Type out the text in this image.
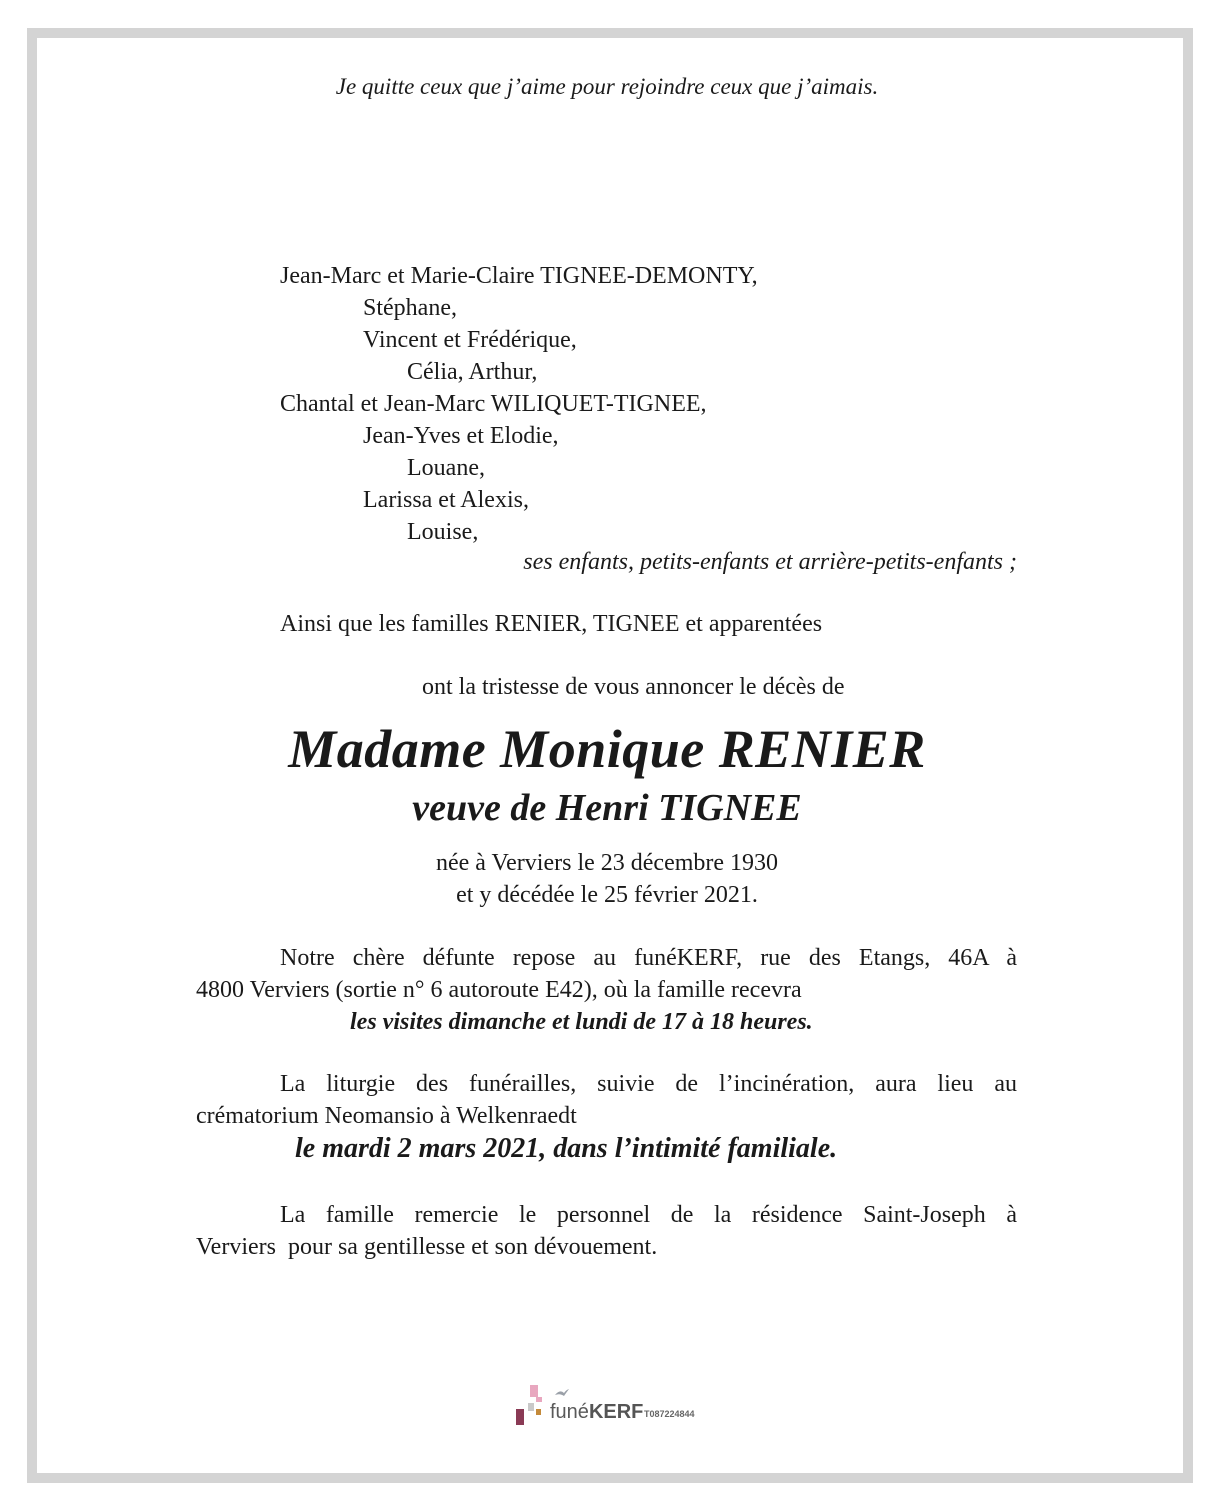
Je quitte ceux que j’aime pour rejoindre ceux que j’aimais.
Jean-Marc et Marie-Claire TIGNEE-DEMONTY,
Stéphane,
Vincent et Frédérique,
Célia, Arthur,
Chantal et Jean-Marc WILIQUET-TIGNEE,
Jean-Yves et Elodie,
Louane,
Larissa et Alexis,
Louise,
ses enfants, petits-enfants et arrière-petits-enfants ;
Ainsi que les familles RENIER, TIGNEE et apparentées
ont la tristesse de vous annoncer le décès de
Madame Monique RENIER
veuve de Henri TIGNEE
née à Verviers le 23 décembre 1930
et y décédée le 25 février 2021.
Notre chère défunte repose au funéKERF, rue des Etangs, 46A à
4800 Verviers (sortie n° 6 autoroute E42), où la famille recevra
les visites dimanche et lundi de 17 à 18 heures.
La liturgie des funérailles, suivie de l’incinération, aura lieu au
crématorium Neomansio à Welkenraedt
le mardi 2 mars 2021, dans l’intimité familiale.
La famille remercie le personnel de la résidence Saint-Joseph à
Verviers  pour sa gentillesse et son dévouement.
funéKERF T087224844
